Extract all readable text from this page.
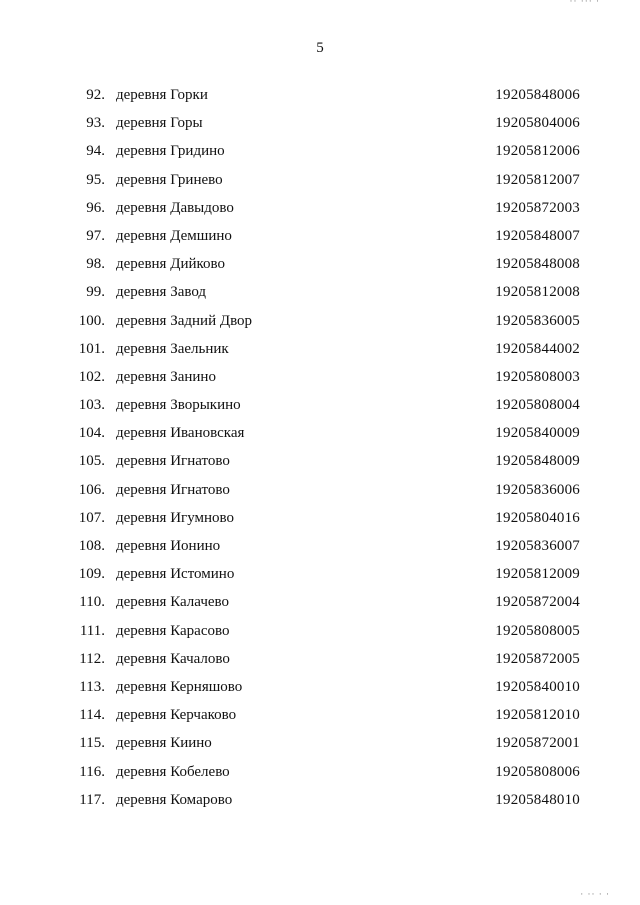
·· ··· ·
5
92. деревня Горки	19205848006
93. деревня Горы	19205804006
94. деревня Гридино	19205812006
95. деревня Гринево	19205812007
96. деревня Давыдово	19205872003
97. деревня Демшино	19205848007
98. деревня Дийково	19205848008
99. деревня Завод	19205812008
100. деревня Задний Двор	19205836005
101. деревня Заельник	19205844002
102. деревня Занино	19205808003
103. деревня Зворыкино	19205808004
104. деревня Ивановская	19205840009
105. деревня Игнатово	19205848009
106. деревня Игнатово	19205836006
107. деревня Игумново	19205804016
108. деревня Ионино	19205836007
109. деревня Истомино	19205812009
110. деревня Калачево	19205872004
111. деревня Карасово	19205808005
112. деревня Качалово	19205872005
113. деревня Керняшово	19205840010
114. деревня Керчаково	19205812010
115. деревня Киино	19205872001
116. деревня Кобелево	19205808006
117. деревня Комарово	19205848010
· ·· · ·
